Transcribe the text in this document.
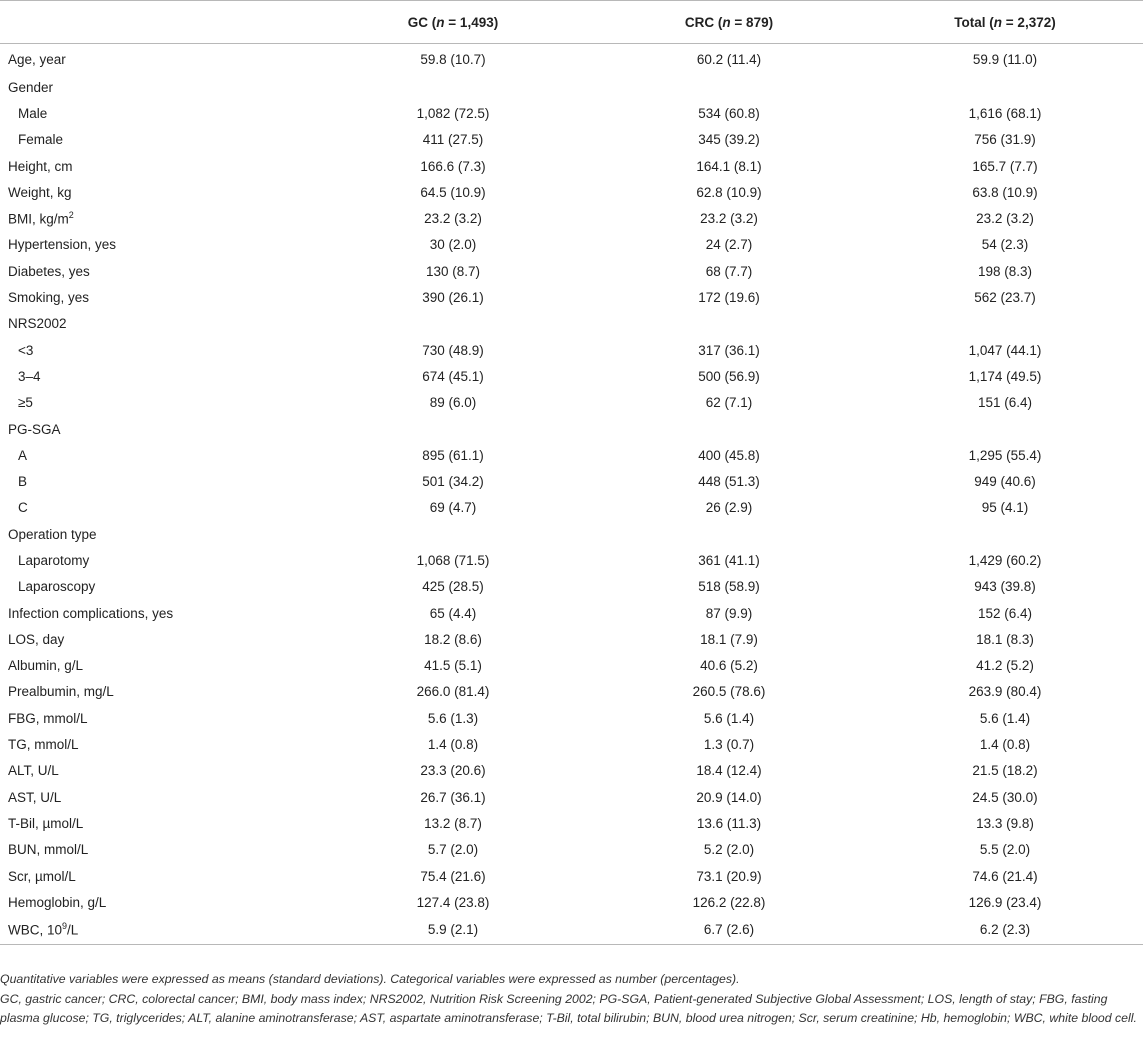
	GC (n = 1,493)	CRC (n = 879)	Total (n = 2,372)
Age, year	59.8 (10.7)	60.2 (11.4)	59.9 (11.0)
Gender			
Male	1,082 (72.5)	534 (60.8)	1,616 (68.1)
Female	411 (27.5)	345 (39.2)	756 (31.9)
Height, cm	166.6 (7.3)	164.1 (8.1)	165.7 (7.7)
Weight, kg	64.5 (10.9)	62.8 (10.9)	63.8 (10.9)
BMI, $kg/m^2$	23.2 (3.2)	23.2 (3.2)	23.2 (3.2)
Hypertension, yes	30 (2.0)	24 (2.7)	54 (2.3)
Diabetes, yes	130 (8.7)	68 (7.7)	198 (8.3)
Smoking, yes	390 (26.1)	172 (19.6)	562 (23.7)
NRS2002			
<3	730 (48.9)	317 (36.1)	1,047 (44.1)
3–4	674 (45.1)	500 (56.9)	1,174 (49.5)
≥5	89 (6.0)	62 (7.1)	151 (6.4)
PG-SGA			
A	895 (61.1)	400 (45.8)	1,295 (55.4)
B	501 (34.2)	448 (51.3)	949 (40.6)
C	69 (4.7)	26 (2.9)	95 (4.1)
Operation type			
Laparotomy	1,068 (71.5)	361 (41.1)	1,429 (60.2)
Laparoscopy	425 (28.5)	518 (58.9)	943 (39.8)
Infection complications, yes	65 (4.4)	87 (9.9)	152 (6.4)
LOS, day	18.2 (8.6)	18.1 (7.9)	18.1 (8.3)
Albumin, g/L	41.5 (5.1)	40.6 (5.2)	41.2 (5.2)
Prealbumin, mg/L	266.0 (81.4)	260.5 (78.6)	263.9 (80.4)
FBG, mmol/L	5.6 (1.3)	5.6 (1.4)	5.6 (1.4)
TG, mmol/L	1.4 (0.8)	1.3 (0.7)	1.4 (0.8)
ALT, U/L	23.3 (20.6)	18.4 (12.4)	21.5 (18.2)
AST, U/L	26.7 (36.1)	20.9 (14.0)	24.5 (30.0)
T-Bil, µmol/L	13.2 (8.7)	13.6 (11.3)	13.3 (9.8)
BUN, mmol/L	5.7 (2.0)	5.2 (2.0)	5.5 (2.0)
Scr, µmol/L	75.4 (21.6)	73.1 (20.9)	74.6 (21.4)
Hemoglobin, g/L	127.4 (23.8)	126.2 (22.8)	126.9 (23.4)
WBC, $10^9/L$	5.9 (2.1)	6.7 (2.6)	6.2 (2.3)

Quantitative variables were expressed as means (standard deviations). Categorical variables were expressed as number (percentages).

GC, gastric cancer; CRC, colorectal cancer; BMI, body mass index; NRS2002, Nutrition Risk Screening 2002; PG-SGA, Patient-generated Subjective Global Assessment; LOS, length of stay; FBG, fasting plasma glucose; TG, triglycerides; ALT, alanine aminotransferase; AST, aspartate aminotransferase; T-Bil, total bilirubin; BUN, blood urea nitrogen; Scr, serum creatinine; Hb, hemoglobin; WBC, white blood cell.
